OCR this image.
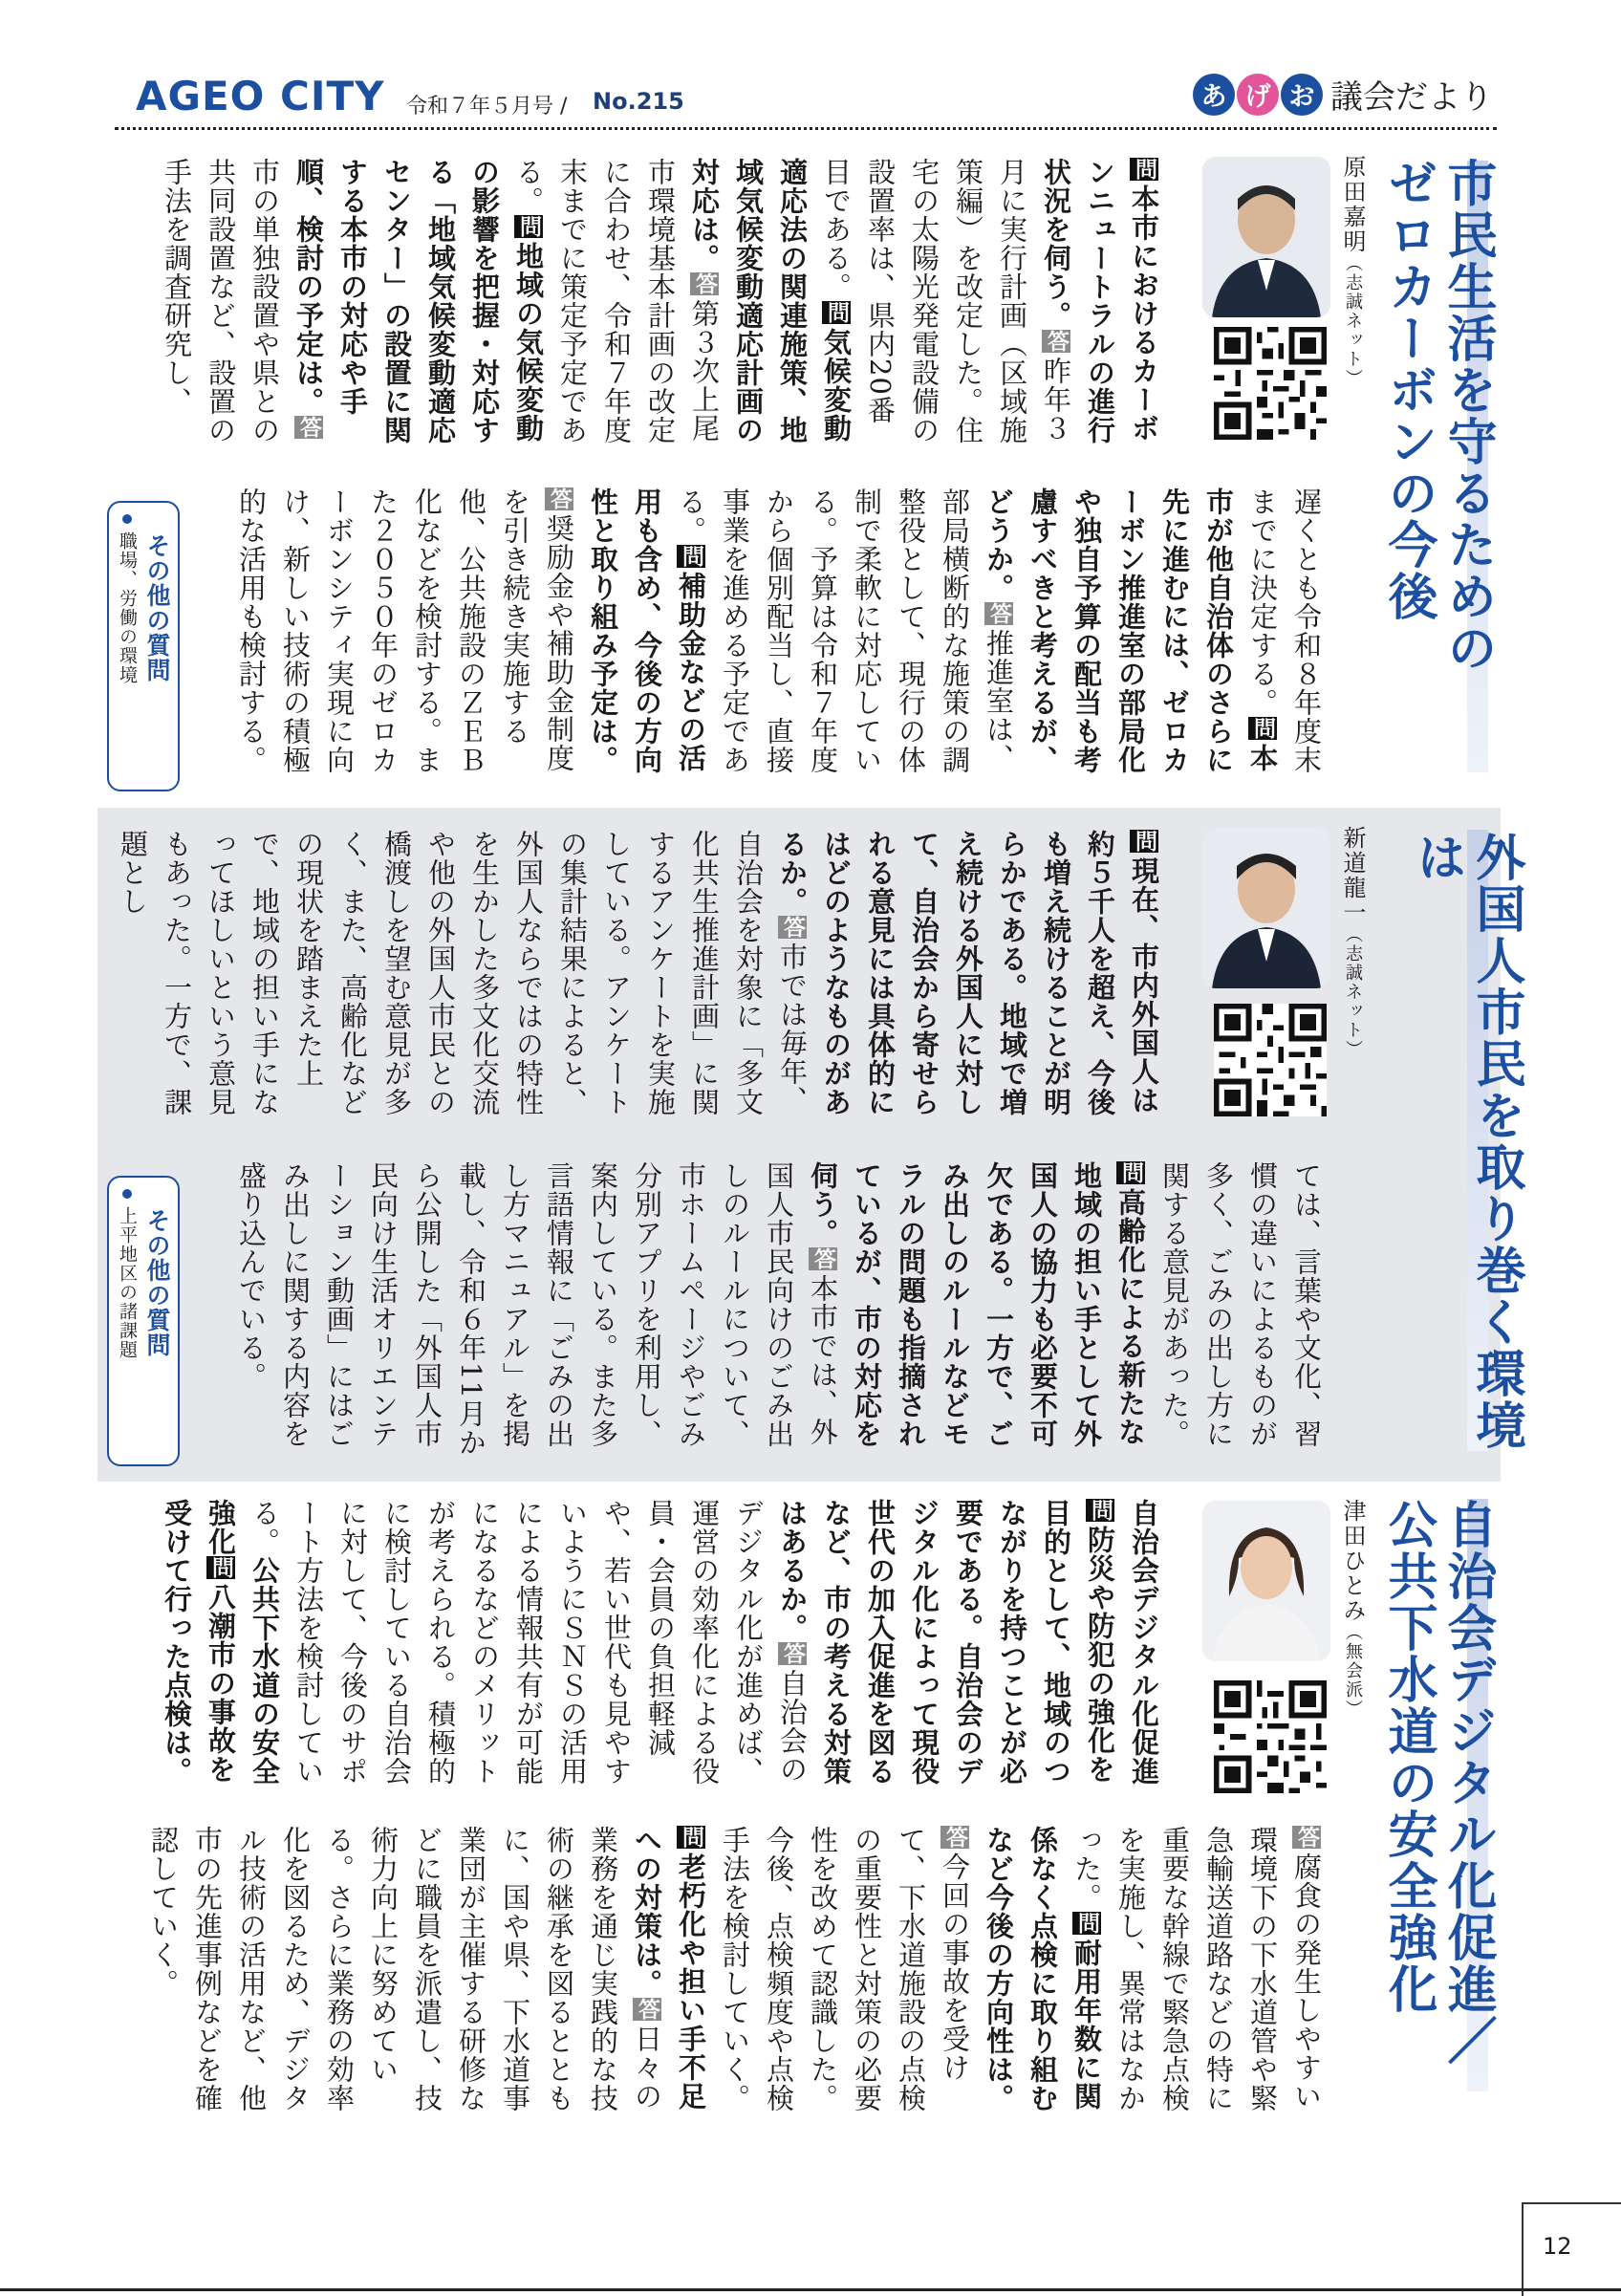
AGEO CITY 令和７年５月号 / No.215	あ げ お 議会だより

市民生活を守るための
ゼロカーボンの今後

原田嘉明（志誠ネット）

問本市におけるカーボンニュートラルの進行状況を伺う。答昨年３月に実行計画（区域施策編）を改定した。住宅の太陽光発電設備の設置率は、県内20番目である。問気候変動適応法の関連施策、地域気候変動適応計画の対応は。答第３次上尾市環境基本計画の改定に合わせ、令和７年度末までに策定予定である。問地域の気候変動の影響を把握・対応する「地域気候変動適応センター」の設置に関する本市の対応や手順、検討の予定は。答市の単独設置や県との共同設置など、設置の手法を調査研究し、

遅くとも令和８年度末までに決定する。問本市が他自治体のさらに先に進むには、ゼロカーボン推進室の部局化や独自予算の配当も考慮すべきと考えるが、どうか。答推進室は、部局横断的な施策の調整役として、現行の体制で柔軟に対応している。予算は令和７年度から個別配当し、直接事業を進める予定である。問補助金などの活用も含め、今後の方向性と取り組み予定は。答奨励金や補助金制度を引き続き実施する他、公共施設のＺＥＢ化などを検討する。また２０５０年のゼロカーボンシティ実現に向け、新しい技術の積極的な活用も検討する。

その他の質問

職場、労働の環境

外国人市民を取り巻く環境は

新道龍一（志誠ネット）

問現在、市内外国人は約５千人を超え、今後も増え続けることが明らかである。地域で増え続ける外国人に対して、自治会から寄せられる意見には具体的にはどのようなものがあるか。答市では毎年、自治会を対象に「多文化共生推進計画」に関するアンケートを実施している。アンケートの集計結果によると、外国人ならではの特性を生かした多文化交流や他の外国人市民との橋渡しを望む意見が多く、また、高齢化などの現状を踏まえた上で、地域の担い手になってほしいという意見もあった。一方で、課題とし

ては、言葉や文化、習慣の違いによるものが多く、ごみの出し方に関する意見があった。問高齢化による新たな地域の担い手として外国人の協力も必要不可欠である。一方で、ごみ出しのルールなどモラルの問題も指摘されているが、市の対応を伺う。答本市では、外国人市民向けのごみ出しのルールについて、市ホームページやごみ分別アプリを利用し、案内している。また多言語情報に「ごみの出し方マニュアル」を掲載し、令和６年11月から公開した「外国人市民向け生活オリエンテーション動画」にはごみ出しに関する内容を盛り込んでいる。

その他の質問

上平地区の諸課題

自治会デジタル化促進／
公共下水道の安全強化

津田ひとみ（無会派）

自治会デジタル化促進問防災や防犯の強化を目的として、地域のつながりを持つことが必要である。自治会のデジタル化によって現役世代の加入促進を図るなど、市の考える対策はあるか。答自治会のデジタル化が進めば、運営の効率化による役員・会員の負担軽減や、若い世代も見やすいようにＳＮＳの活用による情報共有が可能になるなどのメリットが考えられる。積極的に検討している自治会に対して、今後のサポート方法を検討している。公共下水道の安全強化問八潮市の事故を受けて行った点検は。

答腐食の発生しやすい環境下の下水道管や緊急輸送道路などの特に重要な幹線で緊急点検を実施し、異常はなかった。問耐用年数に関係なく点検に取り組むなど今後の方向性は。答今回の事故を受けて、下水道施設の点検の重要性と対策の必要性を改めて認識した。今後、点検頻度や点検手法を検討していく。問老朽化や担い手不足への対策は。答日々の業務を通じ実践的な技術の継承を図るとともに、国や県、下水道事業団が主催する研修などに職員を派遣し、技術力向上に努めている。さらに業務の効率化を図るため、デジタル技術の活用など、他市の先進事例などを確認していく。

12
